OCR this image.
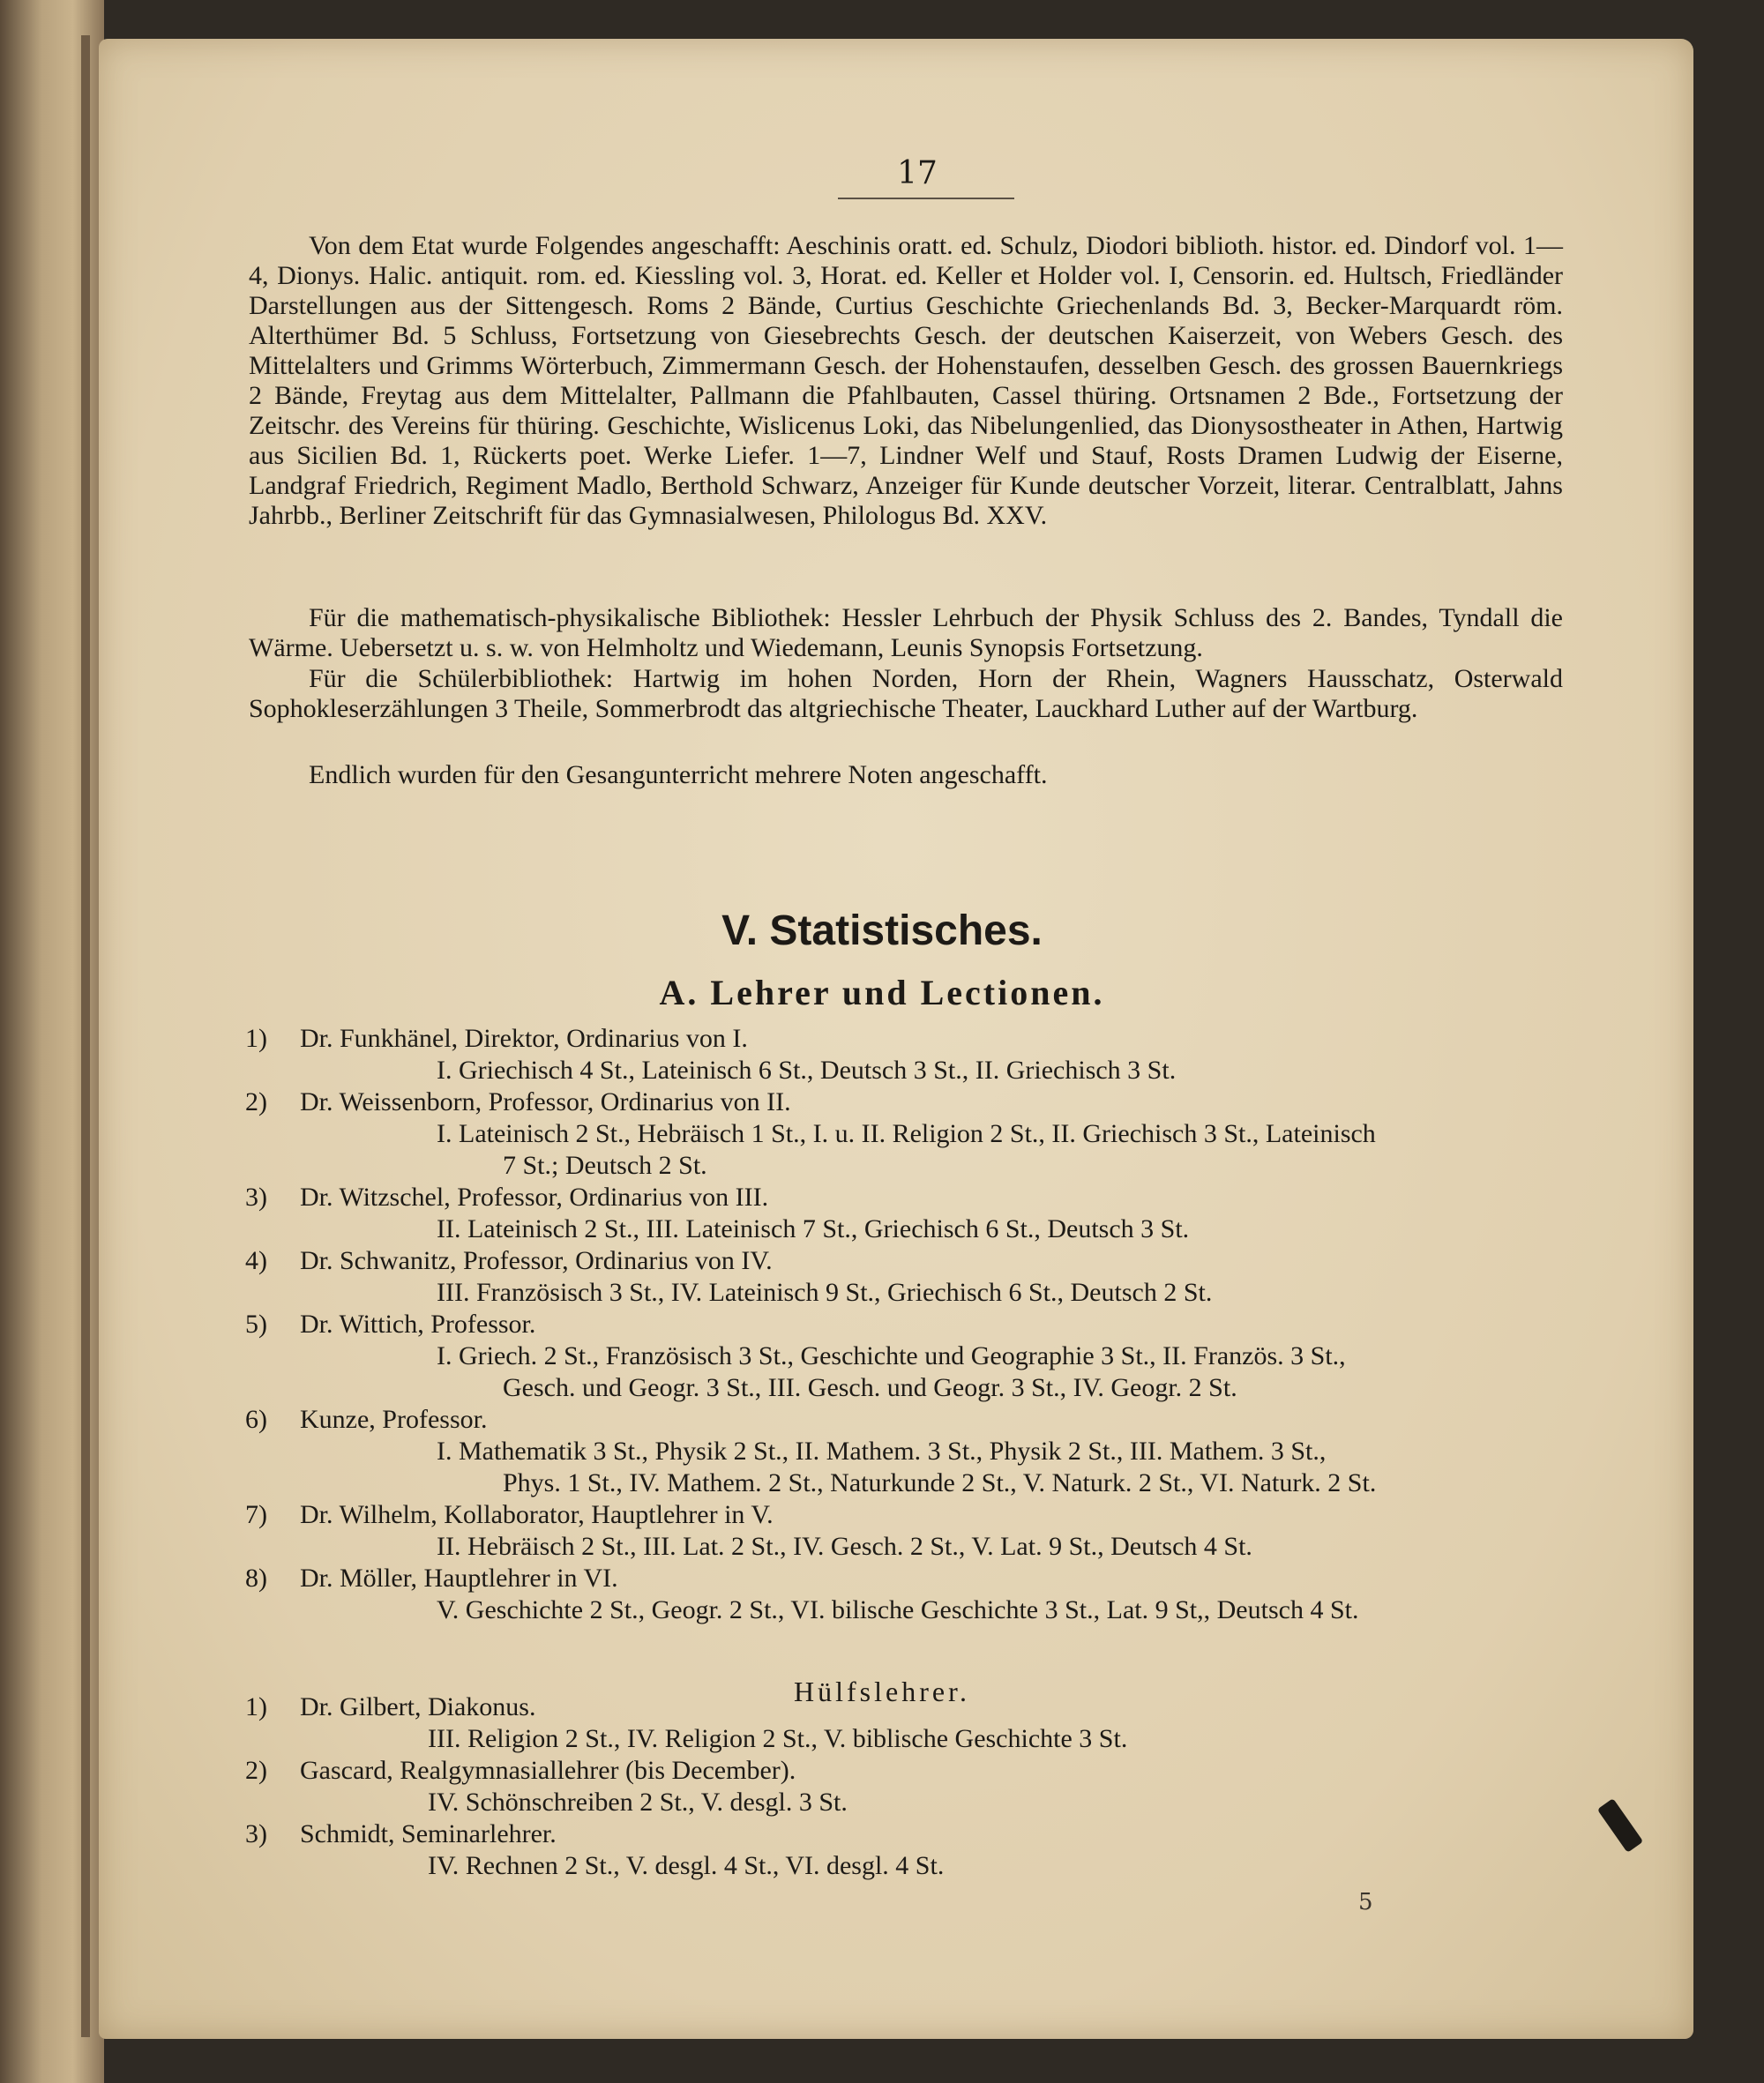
17
Von dem Etat wurde Folgendes angeschafft: Aeschinis oratt. ed. Schulz, Diodori biblioth. histor. ed. Dindorf vol. 1—4, Dionys. Halic. antiquit. rom. ed. Kiessling vol. 3, Horat. ed. Keller et Holder vol. I, Censorin. ed. Hultsch, Friedländer Darstellungen aus der Sittengesch. Roms 2 Bände, Curtius Geschichte Griechenlands Bd. 3, Becker-Marquardt röm. Alterthümer Bd. 5 Schluss, Fortsetzung von Giesebrechts Gesch. der deutschen Kaiserzeit, von Webers Gesch. des Mittelalters und Grimms Wörterbuch, Zimmermann Gesch. der Hohenstaufen, desselben Gesch. des grossen Bauernkriegs 2 Bände, Freytag aus dem Mittelalter, Pallmann die Pfahlbauten, Cassel thüring. Ortsnamen 2 Bde., Fortsetzung der Zeitschr. des Vereins für thüring. Geschichte, Wislicenus Loki, das Nibelungenlied, das Dionysostheater in Athen, Hartwig aus Sicilien Bd. 1, Rückerts poet. Werke Liefer. 1—7, Lindner Welf und Stauf, Rosts Dramen Ludwig der Eiserne, Landgraf Friedrich, Regiment Madlo, Berthold Schwarz, Anzeiger für Kunde deutscher Vorzeit, literar. Centralblatt, Jahns Jahrbb., Berliner Zeitschrift für das Gymnasialwesen, Philologus Bd. XXV.
Für die mathematisch-physikalische Bibliothek: Hessler Lehrbuch der Physik Schluss des 2. Bandes, Tyndall die Wärme. Uebersetzt u. s. w. von Helmholtz und Wiedemann, Leunis Synopsis Fortsetzung.
Für die Schülerbibliothek: Hartwig im hohen Norden, Horn der Rhein, Wagners Hausschatz, Osterwald Sophokleserzählungen 3 Theile, Sommerbrodt das altgriechische Theater, Lauckhard Luther auf der Wartburg.
Endlich wurden für den Gesangunterricht mehrere Noten angeschafft.
V. Statistisches.
A. Lehrer und Lectionen.
1)	Dr. Funkhänel, Direktor, Ordinarius von I.
I. Griechisch 4 St., Lateinisch 6 St., Deutsch 3 St., II. Griechisch 3 St.
2)	Dr. Weissenborn, Professor, Ordinarius von II.
I. Lateinisch 2 St., Hebräisch 1 St., I. u. II. Religion 2 St., II. Griechisch 3 St., Lateinisch
7 St.; Deutsch 2 St.
3)	Dr. Witzschel, Professor, Ordinarius von III.
II. Lateinisch 2 St., III. Lateinisch 7 St., Griechisch 6 St., Deutsch 3 St.
4)	Dr. Schwanitz, Professor, Ordinarius von IV.
III. Französisch 3 St., IV. Lateinisch 9 St., Griechisch 6 St., Deutsch 2 St.
5)	Dr. Wittich, Professor.
I. Griech. 2 St., Französisch 3 St., Geschichte und Geographie 3 St., II. Französ. 3 St.,
Gesch. und Geogr. 3 St., III. Gesch. und Geogr. 3 St., IV. Geogr. 2 St.
6)	Kunze, Professor.
I. Mathematik 3 St., Physik 2 St., II. Mathem. 3 St., Physik 2 St., III. Mathem. 3 St.,
Phys. 1 St., IV. Mathem. 2 St., Naturkunde 2 St., V. Naturk. 2 St., VI. Naturk. 2 St.
7)	Dr. Wilhelm, Kollaborator, Hauptlehrer in V.
II. Hebräisch 2 St., III. Lat. 2 St., IV. Gesch. 2 St., V. Lat. 9 St., Deutsch 4 St.
8)	Dr. Möller, Hauptlehrer in VI.
V. Geschichte 2 St., Geogr. 2 St., VI. bilische Geschichte 3 St., Lat. 9 St,, Deutsch 4 St.
Hülfslehrer.
1)	Dr. Gilbert, Diakonus.
III. Religion 2 St., IV. Religion 2 St., V. biblische Geschichte 3 St.
2)	Gascard, Realgymnasiallehrer (bis December).
IV. Schönschreiben 2 St., V. desgl. 3 St.
3)	Schmidt, Seminarlehrer.
IV. Rechnen 2 St., V. desgl. 4 St., VI. desgl. 4 St.
5
